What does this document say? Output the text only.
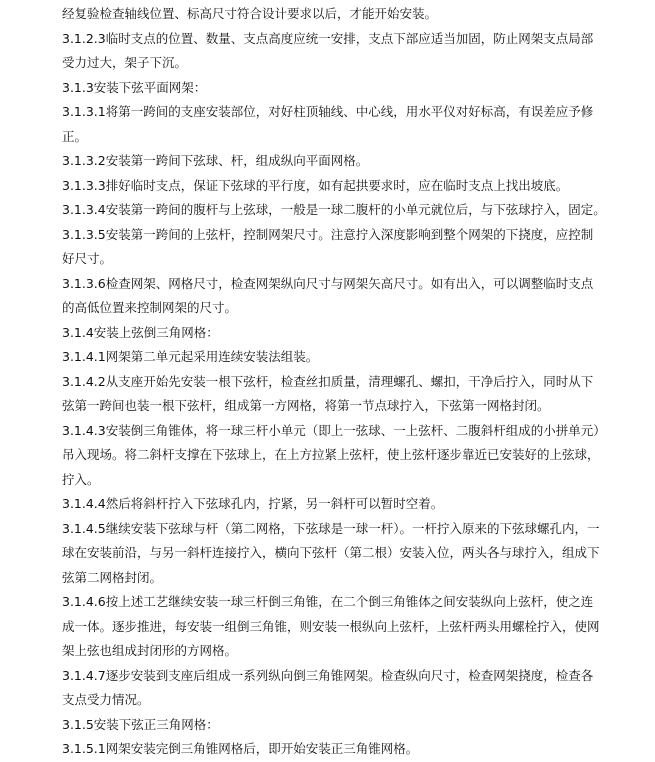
经复验检查轴线位置、标高尺寸符合设计要求以后，才能开始安装。
3.1.2.3临时支点的位置、数量、支点高度应统一安排，支点下部应适当加固，防止网架支点局部
受力过大，架子下沉。
3.1.3安装下弦平面网架：
3.1.3.1将第一跨间的支座安装部位，对好柱顶轴线、中心线，用水平仪对好标高，有误差应予修
正。
3.1.3.2安装第一跨间下弦球、杆，组成纵向平面网格。
3.1.3.3排好临时支点，保证下弦球的平行度，如有起拱要求时，应在临时支点上找出坡底。
3.1.3.4安装第一跨间的腹杆与上弦球，一般是一球二腹杆的小单元就位后，与下弦球拧入，固定。
3.1.3.5安装第一跨间的上弦杆，控制网架尺寸。注意拧入深度影响到整个网架的下挠度，应控制
好尺寸。
3.1.3.6检查网架、网格尺寸，检查网架纵向尺寸与网架矢高尺寸。如有出入，可以调整临时支点
的高低位置来控制网架的尺寸。
3.1.4安装上弦倒三角网格：
3.1.4.1网架第二单元起采用连续安装法组装。
3.1.4.2从支座开始先安装一根下弦杆，检查丝扣质量，清理螺孔、螺扣，干净后拧入，同时从下
弦第一跨间也装一根下弦杆，组成第一方网格，将第一节点球拧入，下弦第一网格封闭。
3.1.4.3安装倒三角锥体，将一球三杆小单元（即上一弦球、一上弦杆、二腹斜杆组成的小拼单元）
吊入现场。将二斜杆支撑在下弦球上，在上方拉紧上弦杆，使上弦杆逐步靠近已安装好的上弦球，
拧入。
3.1.4.4然后将斜杆拧入下弦球孔内，拧紧，另一斜杆可以暂时空着。
3.1.4.5继续安装下弦球与杆（第二网格，下弦球是一球一杆）。一杆拧入原来的下弦球螺孔内，一
球在安装前沿，与另一斜杆连接拧入，横向下弦杆（第二根）安装入位，两头各与球拧入，组成下
弦第二网格封闭。
3.1.4.6按上述工艺继续安装一球三杆倒三角锥，在二个倒三角锥体之间安装纵向上弦杆，使之连
成一体。逐步推进，每安装一组倒三角锥，则安装一根纵向上弦杆，上弦杆两头用螺栓拧入，使网
架上弦也组成封闭形的方网格。
3.1.4.7逐步安装到支座后组成一系列纵向倒三角锥网架。检查纵向尺寸，检查网架挠度，检查各
支点受力情况。
3.1.5安装下弦正三角网格：
3.1.5.1网架安装完倒三角锥网格后，即开始安装正三角锥网格。
